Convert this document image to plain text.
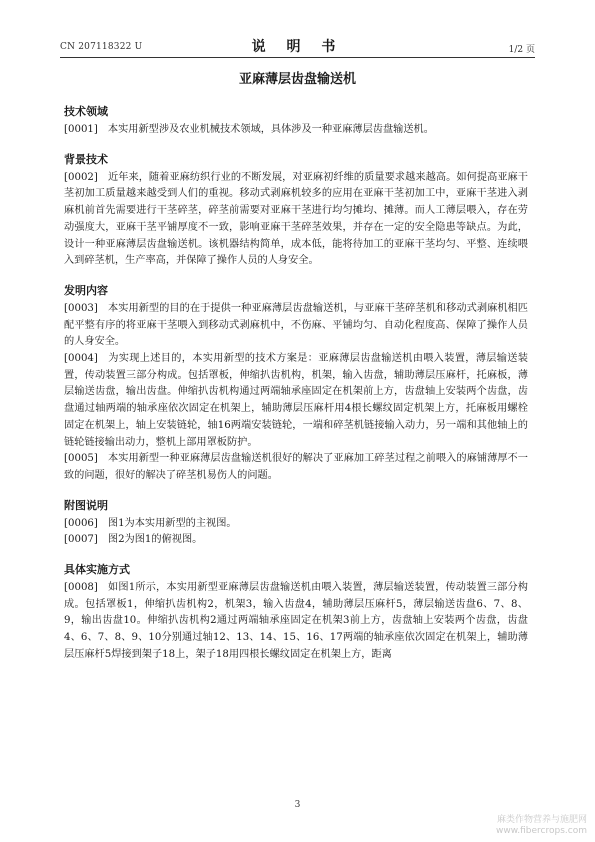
CN 207118322 U	说 明 书	1/2 页
亚麻薄层齿盘输送机
技术领域

[0001] 本实用新型涉及农业机械技术领域，具体涉及一种亚麻薄层齿盘输送机。

背景技术

[0002] 近年来，随着亚麻纺织行业的不断发展，对亚麻初纤维的质量要求越来越高。如何提高亚麻干茎初加工质量越来越受到人们的重视。移动式剥麻机较多的应用在亚麻干茎初加工中，亚麻干茎进入剥麻机前首先需要进行干茎碎茎，碎茎前需要对亚麻干茎进行均匀摊均、摊薄。而人工薄层喂入，存在劳动强度大，亚麻干茎平铺厚度不一致，影响亚麻干茎碎茎效果，并存在一定的安全隐患等缺点。为此，设计一种亚麻薄层齿盘输送机。该机器结构简单，成本低，能将待加工的亚麻干茎均匀、平整、连续喂入到碎茎机，生产率高，并保障了操作人员的人身安全。

发明内容

[0003] 本实用新型的目的在于提供一种亚麻薄层齿盘输送机，与亚麻干茎碎茎机和移动式剥麻机相匹配平整有序的将亚麻干茎喂入到移动式剥麻机中，不伤麻、平铺均匀、自动化程度高、保障了操作人员的人身安全。

[0004] 为实现上述目的，本实用新型的技术方案是：亚麻薄层齿盘输送机由喂入装置，薄层输送装置，传动装置三部分构成。包括罩板，伸缩扒齿机构，机架，输入齿盘，辅助薄层压麻杆，托麻板，薄层输送齿盘，输出齿盘。伸缩扒齿机构通过两端轴承座固定在机架前上方，齿盘轴上安装两个齿盘，齿盘通过轴两端的轴承座依次固定在机架上，辅助薄层压麻杆用4根长螺纹固定机架上方，托麻板用螺栓固定在机架上，轴上安装链轮，轴16两端安装链轮，一端和碎茎机链接输入动力，另一端和其他轴上的链轮链接输出动力，整机上部用罩板防护。

[0005] 本实用新型一种亚麻薄层齿盘输送机很好的解决了亚麻加工碎茎过程之前喂入的麻铺薄厚不一致的问题，很好的解决了碎茎机易伤人的问题。

附图说明

[0006] 图1为本实用新型的主视图。

[0007] 图2为图1的俯视图。

具体实施方式

[0008] 如图1所示，本实用新型亚麻薄层齿盘输送机由喂入装置，薄层输送装置，传动装置三部分构成。包括罩板1，伸缩扒齿机构2，机架3，输入齿盘4，辅助薄层压麻杆5，薄层输送齿盘6、7、8、9，输出齿盘10。伸缩扒齿机构2通过两端轴承座固定在机架3前上方，齿盘轴上安装两个齿盘，齿盘4、6、7、8、9、10分别通过轴12、13、14、15、16、17两端的轴承座依次固定在机架上，辅助薄层压麻杆5焊接到架子18上，架子18用四根长螺纹固定在机架上方，距离

3
麻类作物营养与施肥网
www.fibercrops.com
